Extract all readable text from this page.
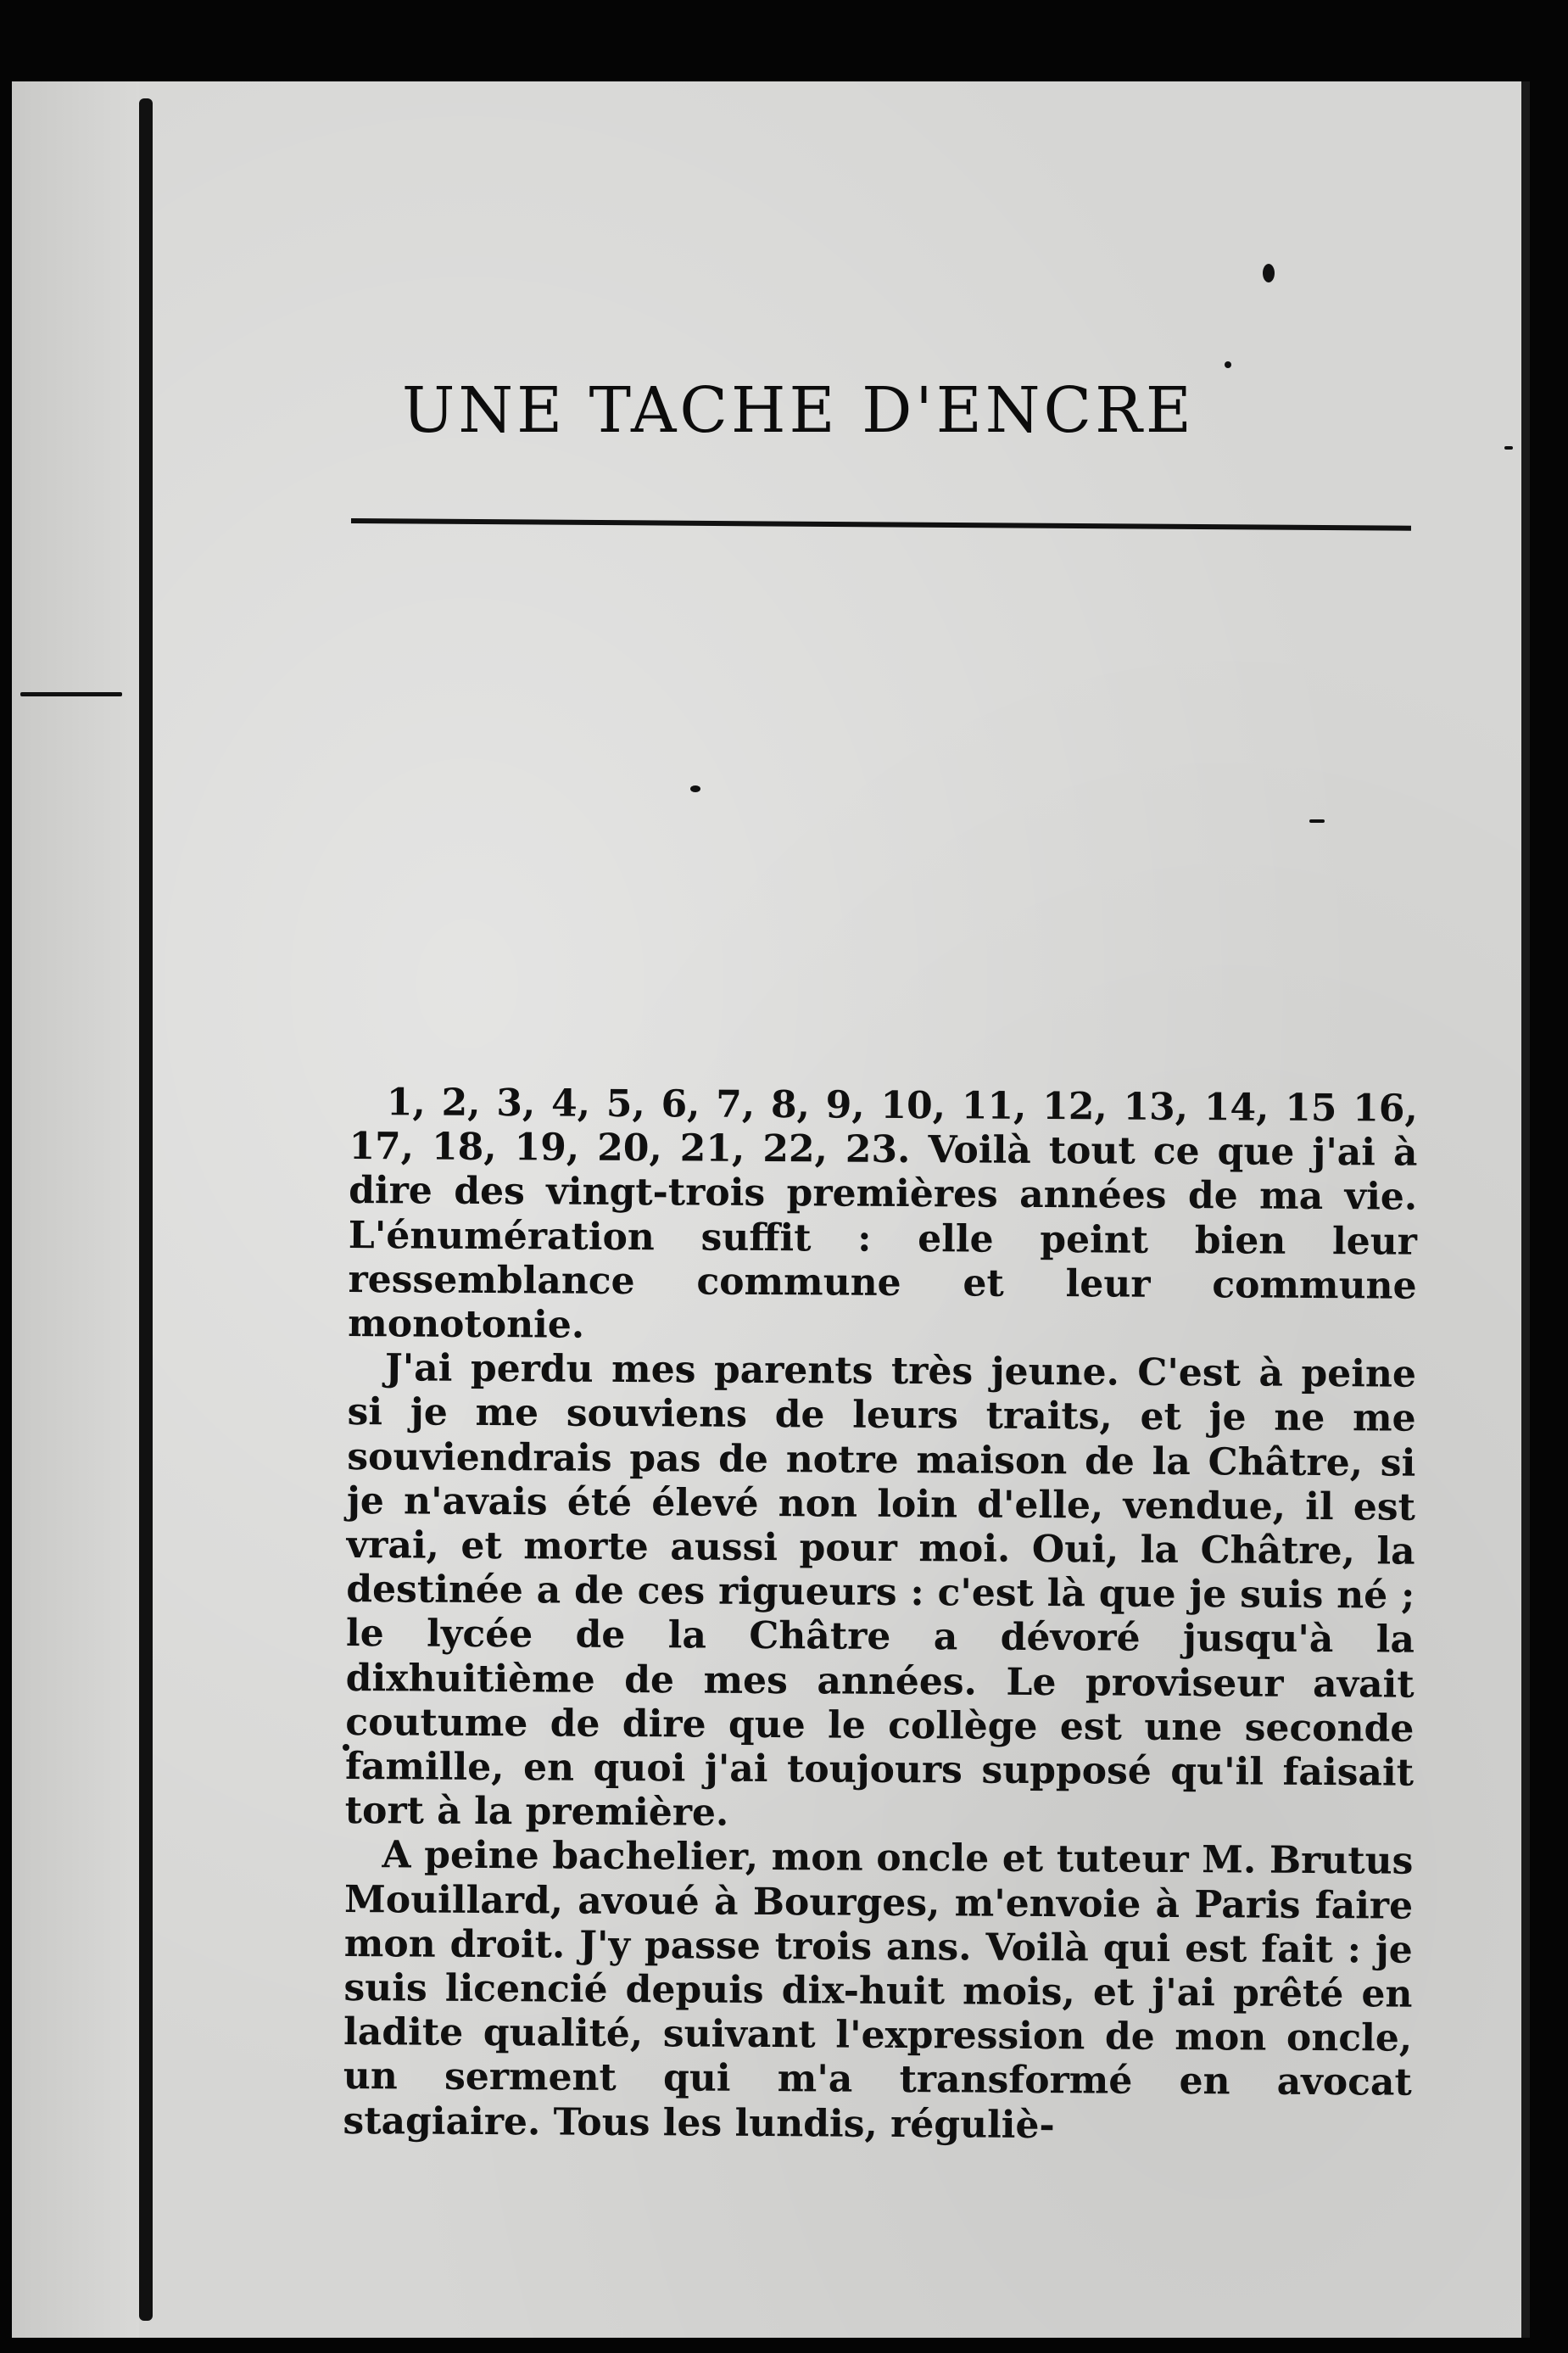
UNE TACHE D'ENCRE

1, 2, 3, 4, 5, 6, 7, 8, 9, 10, 11, 12, 13, 14, 15 16, 17, 18, 19, 20, 21, 22, 23. Voilà tout ce que j'ai à dire des vingt-trois premières années de ma vie. L'énumération suffit : elle peint bien leur ressemblance commune et leur commune monotonie.

J'ai perdu mes parents très jeune. C'est à peine si je me souviens de leurs traits, et je ne me souviendrais pas de notre maison de la Châtre, si je n'avais été élevé non loin d'elle, vendue, il est vrai, et morte aussi pour moi. Oui, la Châtre, la destinée a de ces rigueurs : c'est là que je suis né ; le lycée de la Châtre a dévoré jusqu'à la dixhuitième de mes années. Le proviseur avait coutume de dire que le collège est une seconde famille, en quoi j'ai toujours supposé qu'il faisait tort à la première.

A peine bachelier, mon oncle et tuteur M. Brutus Mouillard, avoué à Bourges, m'envoie à Paris faire mon droit. J'y passe trois ans. Voilà qui est fait : je suis licencié depuis dix-huit mois, et j'ai prêté en ladite qualité, suivant l'expression de mon oncle, un serment qui m'a transformé en avocat stagiaire. Tous les lundis, réguliè-
